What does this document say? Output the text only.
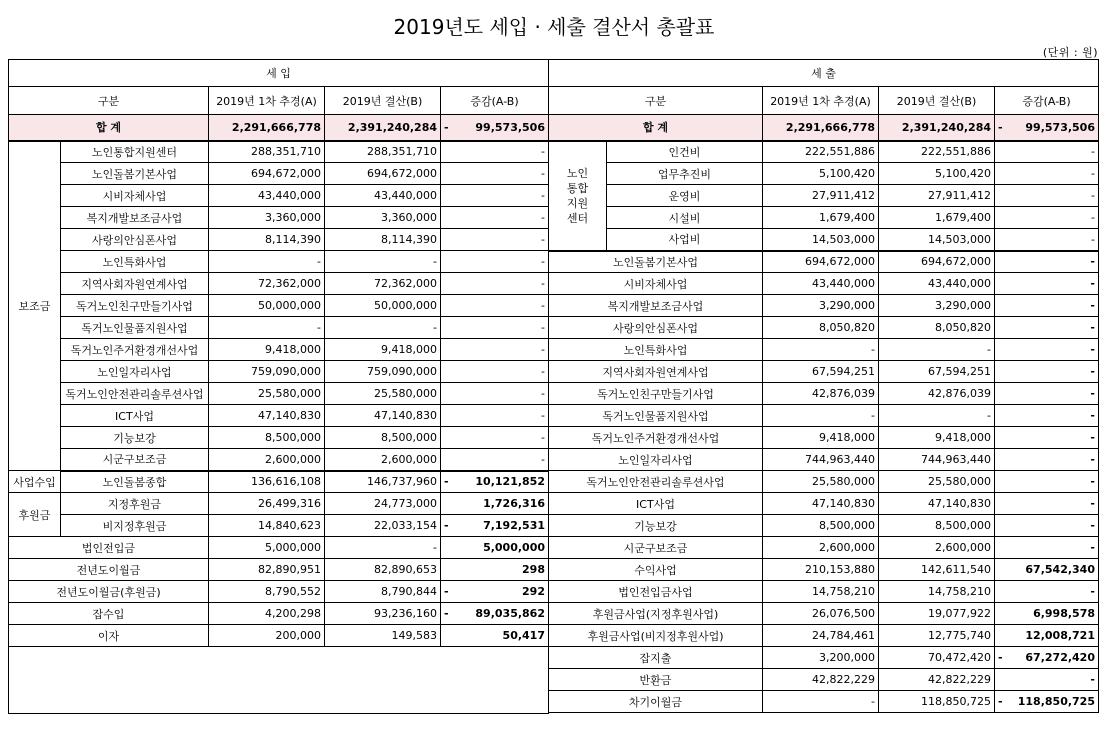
2019년도 세입 · 세출 결산서 총괄표
(단위 : 원)
세 입				
구분		2019년 1차 추경(A)	2019년 결산(B)	증감(A-B)
합 계		2,291,666,778	2,391,240,284	- 99,573,506

보조금	노인통합지원센터	288,351,710	288,351,710	-
	노인돌봄기본사업	694,672,000	694,672,000	-
	시비자체사업	43,440,000	43,440,000	-
	복지개발보조금사업	3,360,000	3,360,000	-
	사랑의안심폰사업	8,114,390	8,114,390	-
	노인특화사업	-	-	-
	지역사회자원연계사업	72,362,000	72,362,000	-
	독거노인친구만들기사업	50,000,000	50,000,000	-
	독거노인물품지원사업	-	-	-
	독거노인주거환경개선사업	9,418,000	9,418,000	-
	노인일자리사업	759,090,000	759,090,000	-
	독거노인안전관리솔루션사업	25,580,000	25,580,000	-
	ICT사업	47,140,830	47,140,830	-
	기능보강	8,500,000	8,500,000	-
	시군구보조금	2,600,000	2,600,000	-
사업수입	노인돌봄종합	136,616,108	146,737,960	- 10,121,852

후원금	지정후원금	26,499,316	24,773,000	1,726,316

	비지정후원금	14,840,623	22,033,154	- 7,192,531

법인전입금		5,000,000	-	5,000,000

전년도이월금		82,890,951	82,890,653	298

전년도이월금(후원금)		8,790,552	8,790,844	- 292

잡수입		4,200,298	93,236,160	- 89,035,862

이자		200,000	149,583	50,417

세 출				
구분		2019년 1차 추경(A)	2019년 결산(B)	증감(A-B)
합 계		2,291,666,778	2,391,240,284	- 99,573,506

노인
통합
지원
센터	인건비	222,551,886	222,551,886	-
	업무추진비	5,100,420	5,100,420	-
	운영비	27,911,412	27,911,412	-
	시설비	1,679,400	1,679,400	-
	사업비	14,503,000	14,503,000	-
노인돌봄기본사업		694,672,000	694,672,000	-

시비자체사업		43,440,000	43,440,000	-

복지개발보조금사업		3,290,000	3,290,000	-

사랑의안심폰사업		8,050,820	8,050,820	-

노인특화사업		-	-	-

지역사회자원연계사업		67,594,251	67,594,251	-

독거노인친구만들기사업		42,876,039	42,876,039	-

독거노인물품지원사업		-	-	-

독거노인주거환경개선사업		9,418,000	9,418,000	-

노인일자리사업		744,963,440	744,963,440	-

독거노인안전관리솔루션사업		25,580,000	25,580,000	-

ICT사업		47,140,830	47,140,830	-

기능보강		8,500,000	8,500,000	-

시군구보조금		2,600,000	2,600,000	-

수익사업		210,153,880	142,611,540	67,542,340

법인전입금사업		14,758,210	14,758,210	-

후원금사업(지정후원사업)		26,076,500	19,077,922	6,998,578

후원금사업(비지정후원사업)		24,784,461	12,775,740	12,008,721

잡지출		3,200,000	70,472,420	- 67,272,420

반환금		42,822,229	42,822,229	-

차기이월금		-	118,850,725	- 118,850,725
